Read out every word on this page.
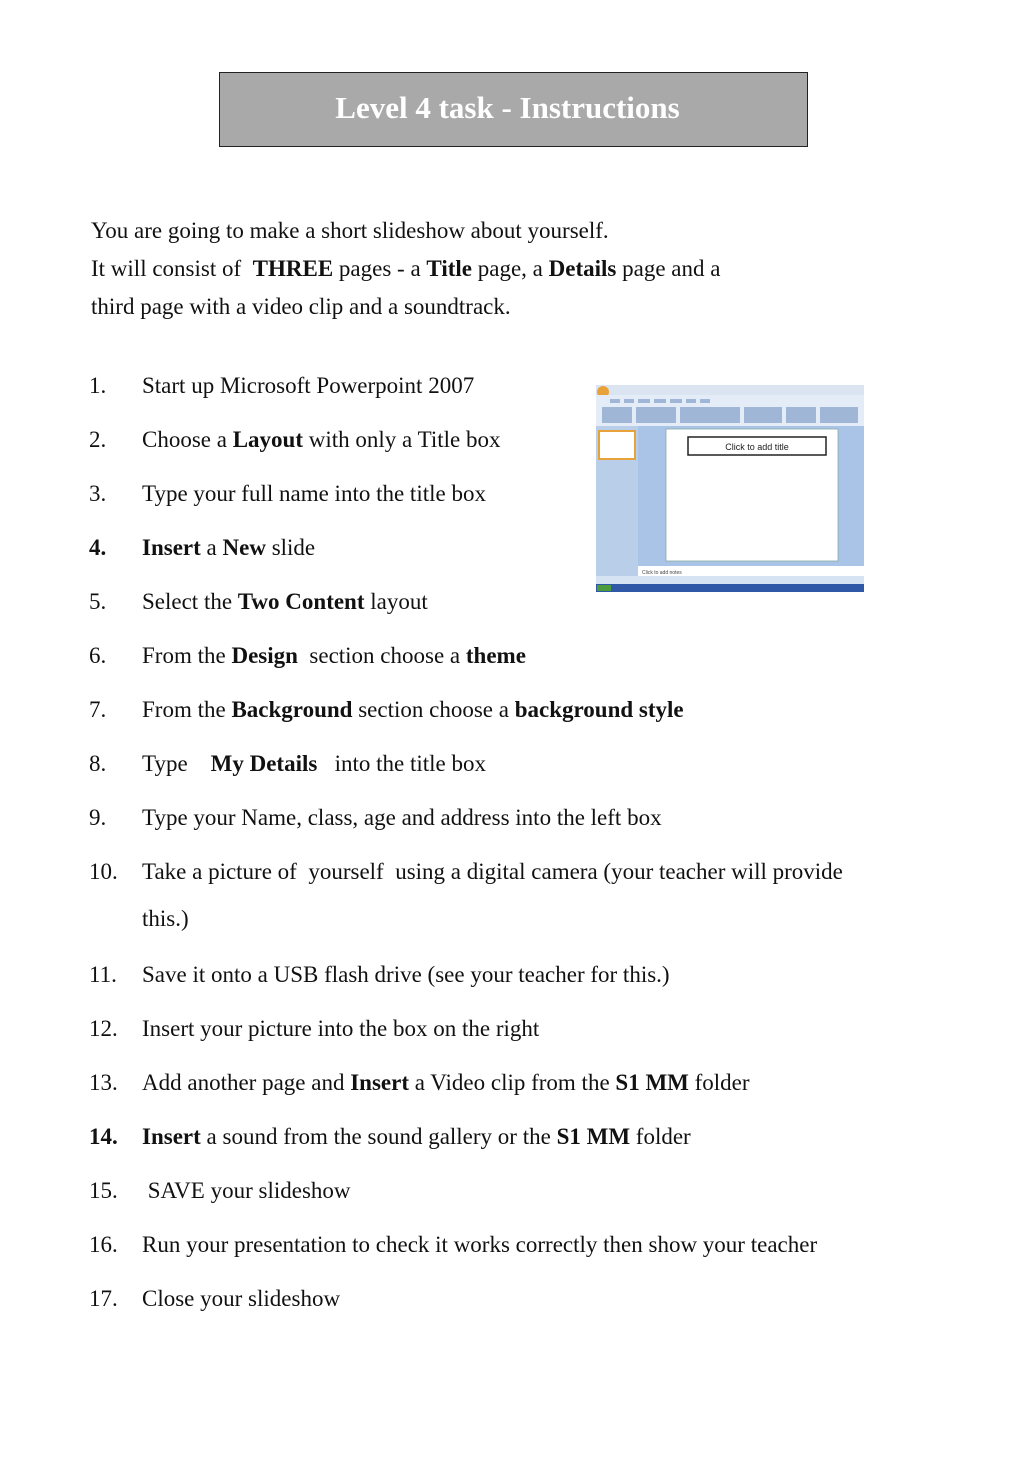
Level 4 task - Instructions
You are going to make a short slideshow about yourself.
It will consist of  THREE pages - a Title page, a Details page and a
third page with a video clip and a soundtrack.
1. Start up Microsoft Powerpoint 2007
2. Choose a Layout with only a Title box
3. Type your full name into the title box
4. Insert a New slide
5. Select the Two Content layout
6. From the Design  section choose a theme
7. From the Background section choose a background style
8. Type    My Details   into the title box
9. Type your Name, class, age and address into the left box
10. Take a picture of  yourself  using a digital camera (your teacher will provide this.)
11. Save it onto a USB flash drive (see your teacher for this.)
12. Insert your picture into the box on the right
13. Add another page and Insert a Video clip from the S1 MM folder
14. Insert a sound from the sound gallery or the S1 MM folder
15. SAVE your slideshow
16. Run your presentation to check it works correctly then show your teacher
17. Close your slideshow
Click to add title
Click to add notes
